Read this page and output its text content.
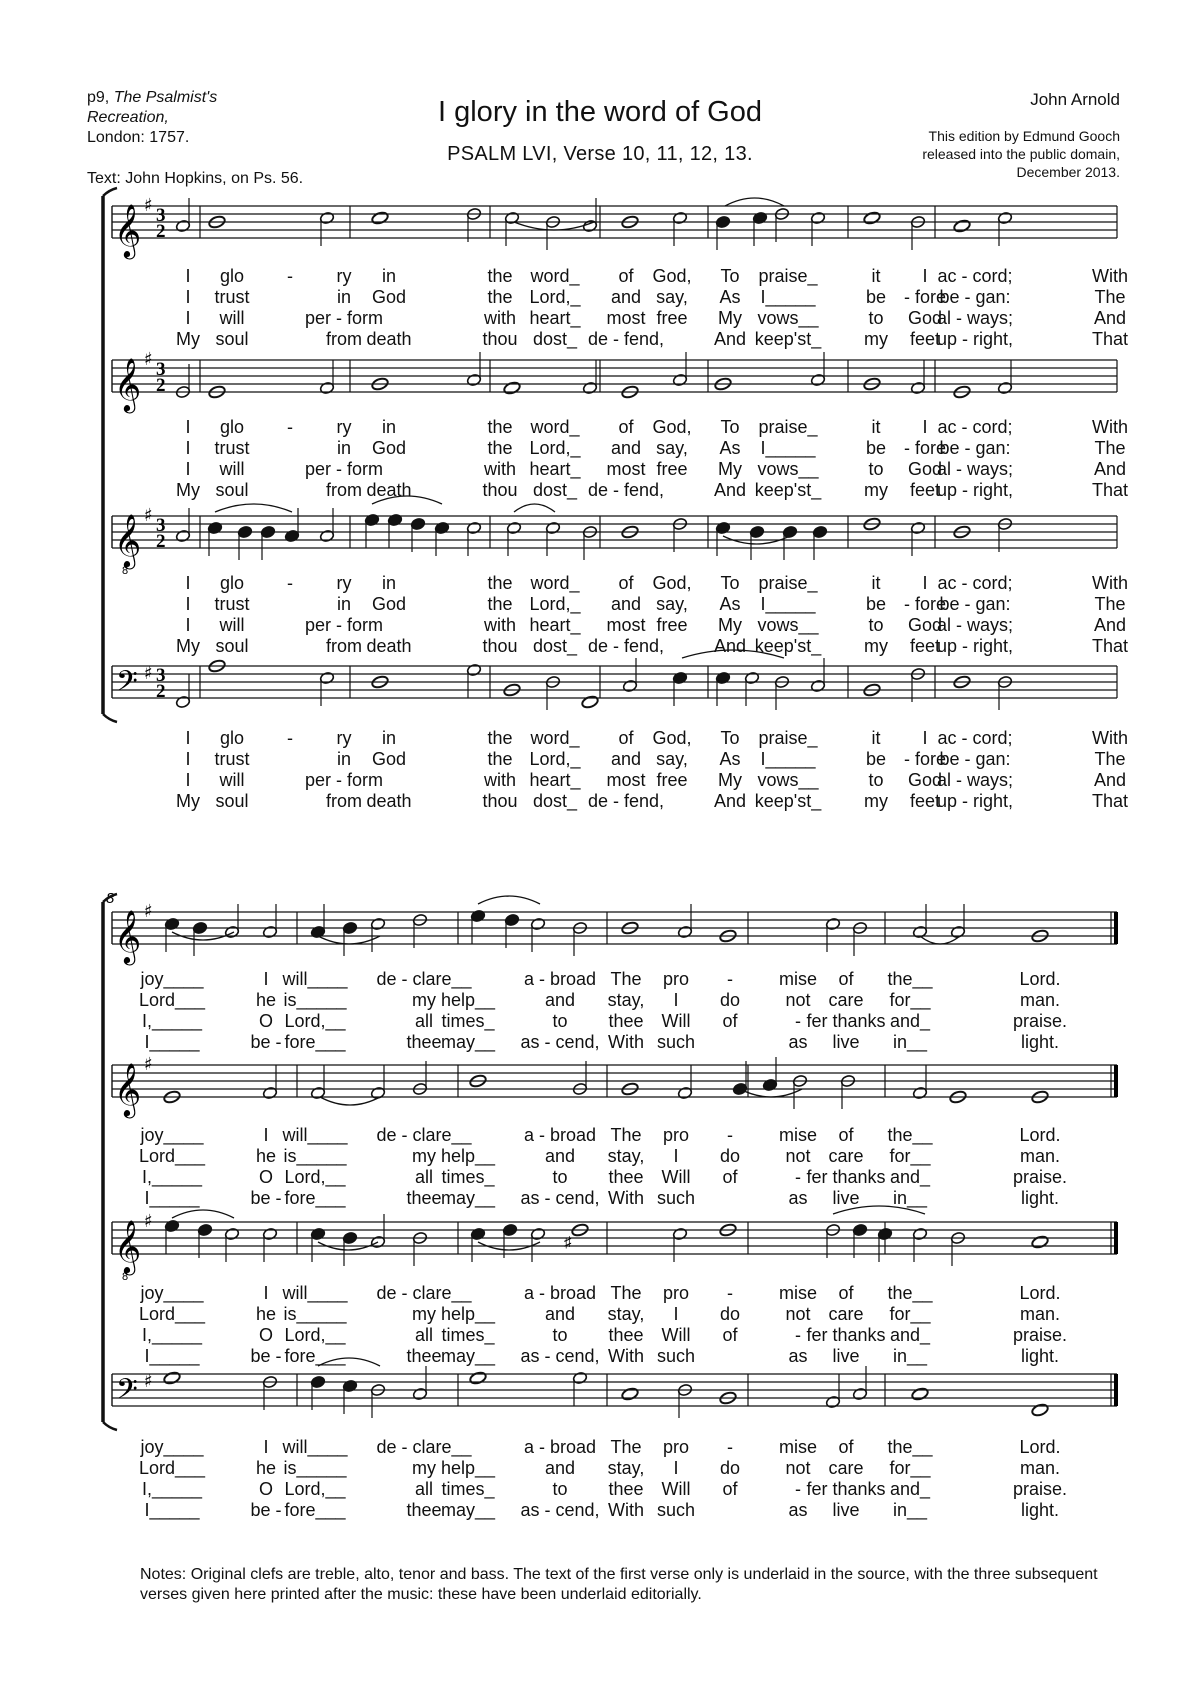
p9, The Psalmist's
Recreation,
London: 1757.
Text: John Hopkins, on Ps. 56.
I glory in the word of God
PSALM LVI, Verse 10, 11, 12, 13.
John Arnold
This edition by Edmund Gooch
released into the public domain,
December 2013.
𝄞 ♯ 3
2
𝄞 ♯ 3
2
𝄞
8
♯ 3
2
𝄢 ♯ 3
2
I glo - ry in	the word_ of God, To praise_	it I ac - cord;	With
I trust	in God	the Lord,_ and say, As I_____	be - fore
be - gan:	The
I will	per - form	with heart_ most free My vows__	to God
al - ways;	And
My soul	from death	thou dost_ de - fend,	And keep'st_ my feet
up - right,	That
I glo - ry in	the word_ of God, To praise_	it I ac - cord;	With
I trust	in God	the Lord,_ and say, As I_____	be - fore
be - gan:	The
I will	per - form	with heart_ most free My vows__	to God
al - ways;	And
My soul	from death	thou dost_ de - fend,	And keep'st_ my feet
up - right,	That
I glo - ry in	the word_ of God, To praise_	it I ac - cord;	With
I trust	in God	the Lord,_ and say, As I_____	be - fore
be - gan:	The
I will	per - form	with heart_ most free My vows__	to God
al - ways;	And
My soul	from death	thou dost_ de - fend,	And keep'st_ my feet
up - right,	That
I glo - ry in	the word_ of God, To praise_	it I ac - cord;	With
I trust	in God	the Lord,_ and say, As I_____	be - fore
be - gan:	The
I will	per - form	with heart_ most free My vows__	to God
al - ways;	And
My soul	from death	thou dost_ de - fend,	And keep'st_ my feet
up - right,	That
8
𝄞 ♯
𝄞 ♯
𝄞
8
♯
𝄢 ♯
♯
joy____	I will____ de - clare__	a - broad The pro -	mise of the__	Lord.
Lord___	he is_____	my help__	and stay, I do	not care for__	man.
I,_____	O Lord,__	all times_	to thee Will of	- fer thanks and_	praise.
I_____	be - fore___	thee may__ as - cend, With such	as live in__	light.
joy____	I will____ de - clare__	a - broad The pro -	mise of the__	Lord.
Lord___	he is_____	my help__	and stay, I do	not care for__	man.
I,_____	O Lord,__	all times_	to thee Will of	- fer thanks and_	praise.
I_____	be - fore___	thee may__ as - cend, With such	as live in__	light.
joy____	I will____ de - clare__	a - broad The pro -	mise of the__	Lord.
Lord___	he is_____	my help__	and stay, I do	not care for__	man.
I,_____	O Lord,__	all times_	to thee Will of	- fer thanks and_	praise.
I_____	be - fore___	thee may__ as - cend, With such	as live in__	light.
joy____	I will____ de - clare__	a - broad The pro -	mise of the__	Lord.
Lord___	he is_____	my help__	and stay, I do	not care for__	man.
I,_____	O Lord,__	all times_	to thee Will of	- fer thanks and_	praise.
I_____	be - fore___	thee may__ as - cend, With such	as live in__	light.
Notes: Original clefs are treble, alto, tenor and bass. The text of the first verse only is underlaid in the source, with the three subsequent verses given here printed after the music: these have been underlaid editorially.
